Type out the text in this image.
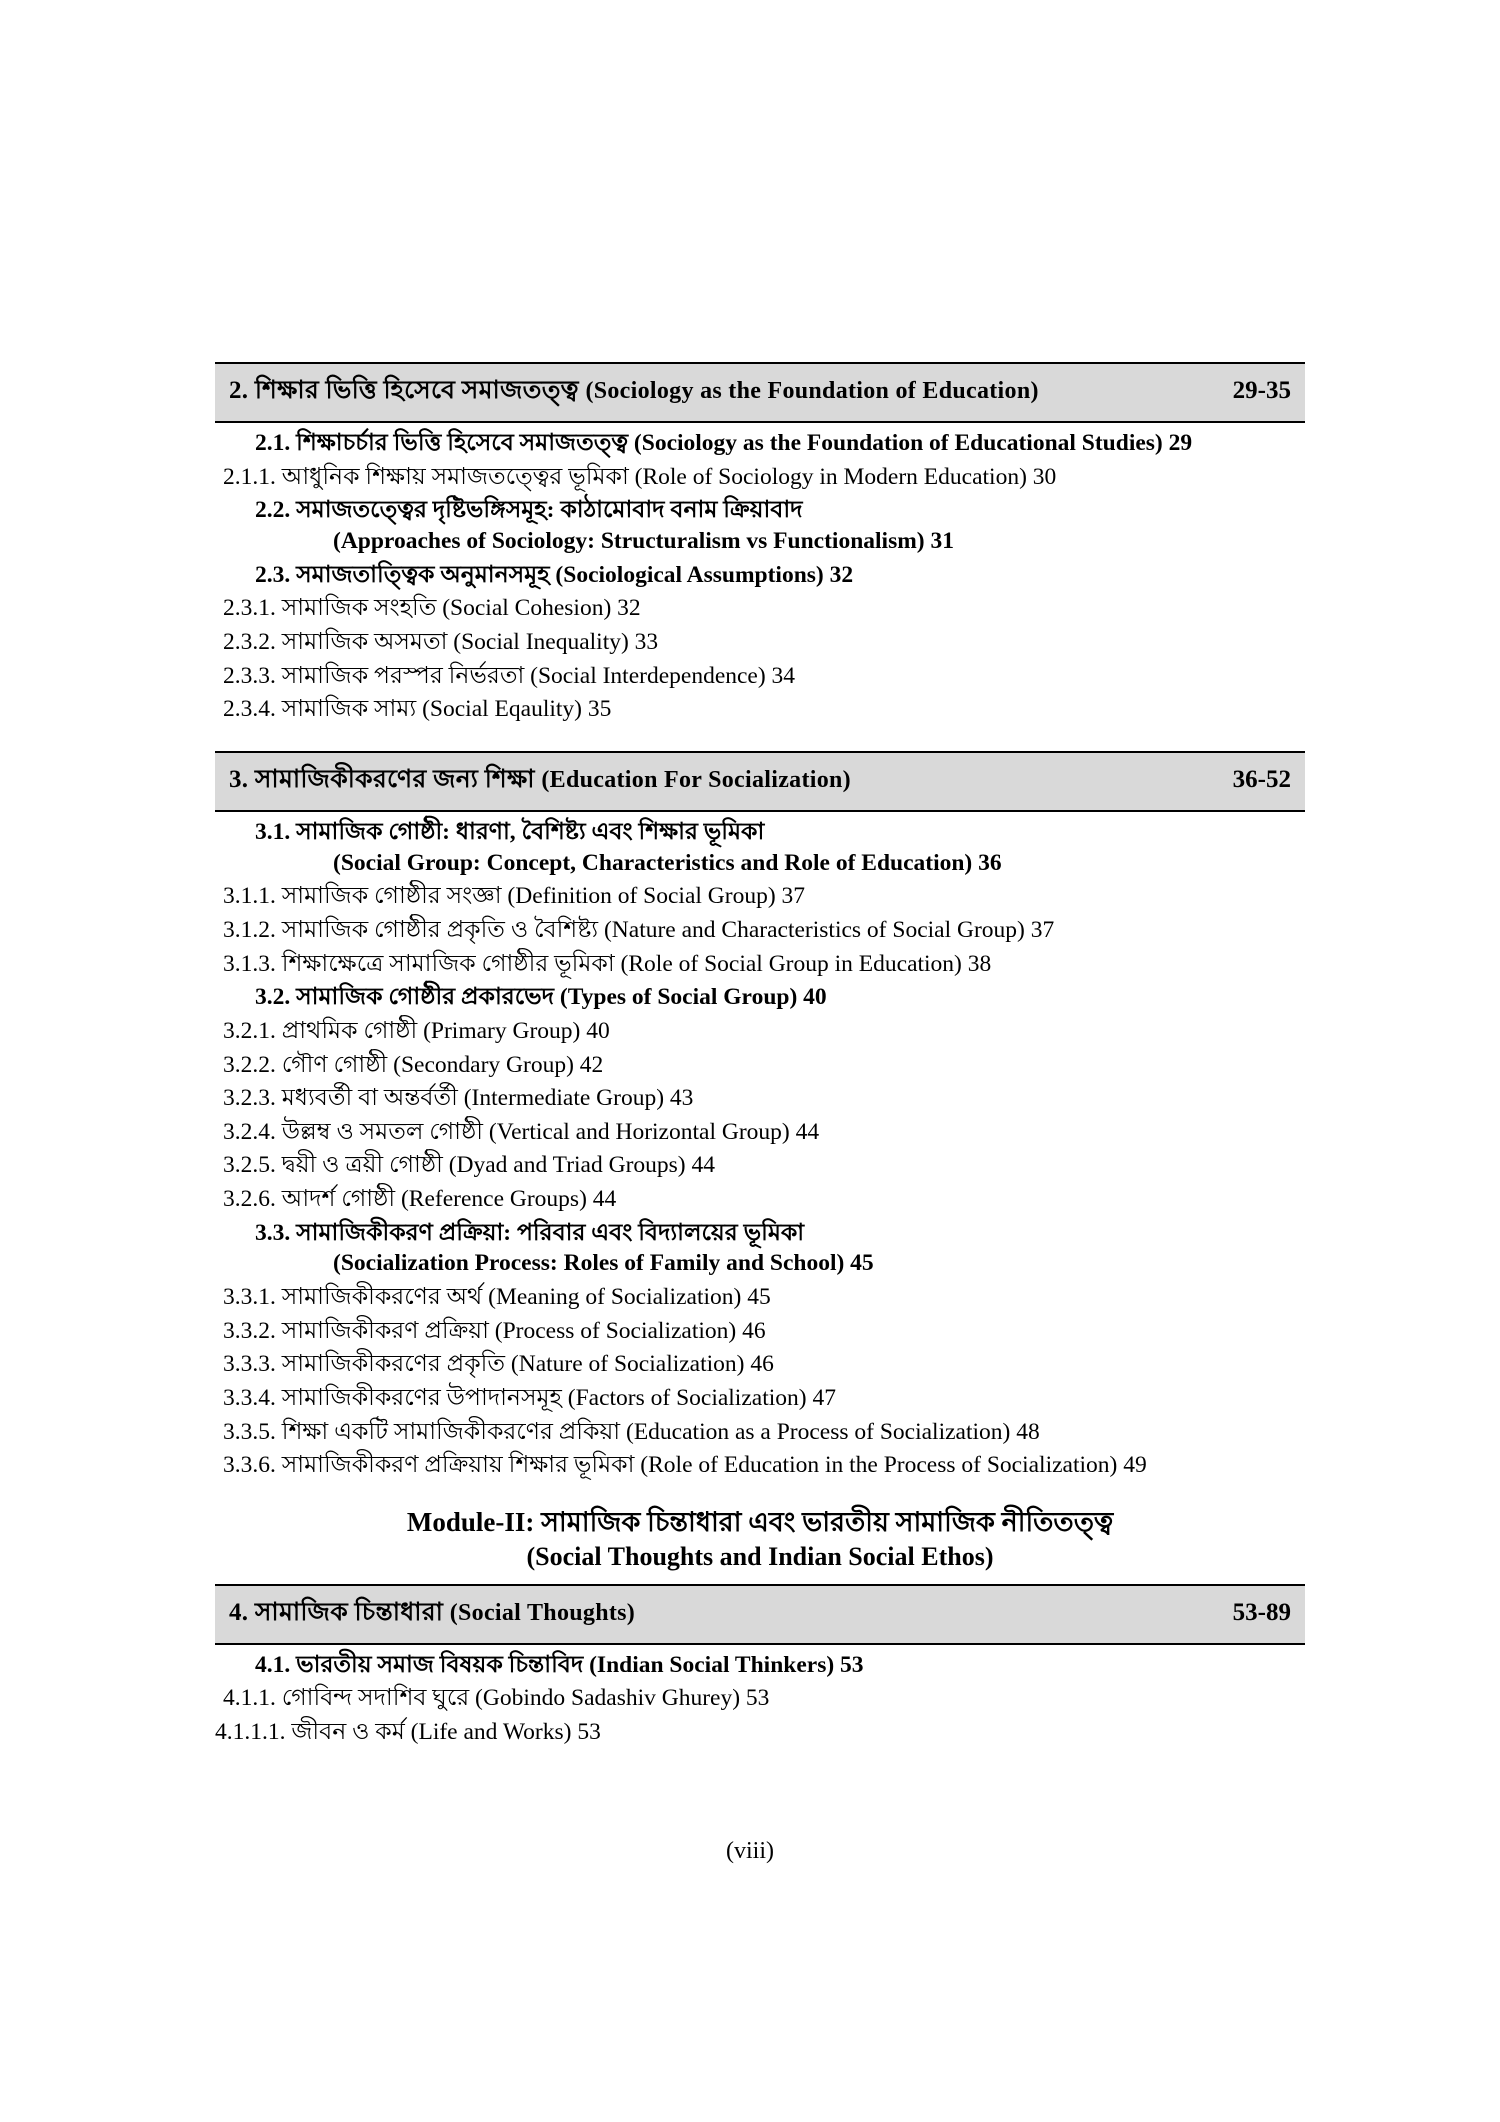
2. শিক্ষার ভিত্তি হিসেবে সমাজতত্ত্ব (Sociology as the Foundation of Education)	29-35
2.1. শিক্ষাচর্চার ভিত্তি হিসেবে সমাজতত্ত্ব (Sociology as the Foundation of Educational Studies) 29
2.1.1. আধুনিক শিক্ষায় সমাজতত্ত্বের ভূমিকা (Role of Sociology in Modern Education) 30
2.2. সমাজতত্ত্বের দৃষ্টিভঙ্গিসমূহ: কাঠামোবাদ বনাম ক্রিয়াবাদ
(Approaches of Sociology: Structuralism vs Functionalism) 31
2.3. সমাজতাত্ত্বিক অনুমানসমূহ (Sociological Assumptions) 32
2.3.1. সামাজিক সংহতি (Social Cohesion) 32
2.3.2. সামাজিক অসমতা (Social Inequality) 33
2.3.3. সামাজিক পরস্পর নির্ভরতা (Social Interdependence) 34
2.3.4. সামাজিক সাম্য (Social Eqaulity) 35
3. সামাজিকীকরণের জন্য শিক্ষা (Education For Socialization)	36-52
3.1. সামাজিক গোষ্ঠী: ধারণা, বৈশিষ্ট্য এবং শিক্ষার ভূমিকা
(Social Group: Concept, Characteristics and Role of Education) 36
3.1.1. সামাজিক গোষ্ঠীর সংজ্ঞা (Definition of Social Group) 37
3.1.2. সামাজিক গোষ্ঠীর প্রকৃতি ও বৈশিষ্ট্য (Nature and Characteristics of Social Group) 37
3.1.3. শিক্ষাক্ষেত্রে সামাজিক গোষ্ঠীর ভূমিকা (Role of Social Group in Education) 38
3.2. সামাজিক গোষ্ঠীর প্রকারভেদ (Types of Social Group) 40
3.2.1. প্রাথমিক গোষ্ঠী (Primary Group) 40
3.2.2. গৌণ গোষ্ঠী (Secondary Group) 42
3.2.3. মধ্যবর্তী বা অন্তর্বর্তী (Intermediate Group) 43
3.2.4. উল্লম্ব ও সমতল গোষ্ঠী (Vertical and Horizontal Group) 44
3.2.5. দ্বয়ী ও ত্রয়ী গোষ্ঠী (Dyad and Triad Groups) 44
3.2.6. আদর্শ গোষ্ঠী (Reference Groups) 44
3.3. সামাজিকীকরণ প্রক্রিয়া: পরিবার এবং বিদ্যালয়ের ভূমিকা
(Socialization Process: Roles of Family and School) 45
3.3.1. সামাজিকীকরণের অর্থ (Meaning of Socialization) 45
3.3.2. সামাজিকীকরণ প্রক্রিয়া (Process of Socialization) 46
3.3.3. সামাজিকীকরণের প্রকৃতি (Nature of Socialization) 46
3.3.4. সামাজিকীকরণের উপাদানসমূহ (Factors of Socialization) 47
3.3.5. শিক্ষা একটি সামাজিকীকরণের প্রকিয়া (Education as a Process of Socialization) 48
3.3.6. সামাজিকীকরণ প্রক্রিয়ায় শিক্ষার ভূমিকা (Role of Education in the Process of Socialization) 49
Module-II: সামাজিক চিন্তাধারা এবং ভারতীয় সামাজিক নীতিতত্ত্ব
(Social Thoughts and Indian Social Ethos)
4. সামাজিক চিন্তাধারা (Social Thoughts)	53-89
4.1. ভারতীয় সমাজ বিষয়ক চিন্তাবিদ (Indian Social Thinkers) 53
4.1.1. গোবিন্দ সদাশিব ঘুরে (Gobindo Sadashiv Ghurey) 53
4.1.1.1. জীবন ও কর্ম (Life and Works) 53
(viii)
